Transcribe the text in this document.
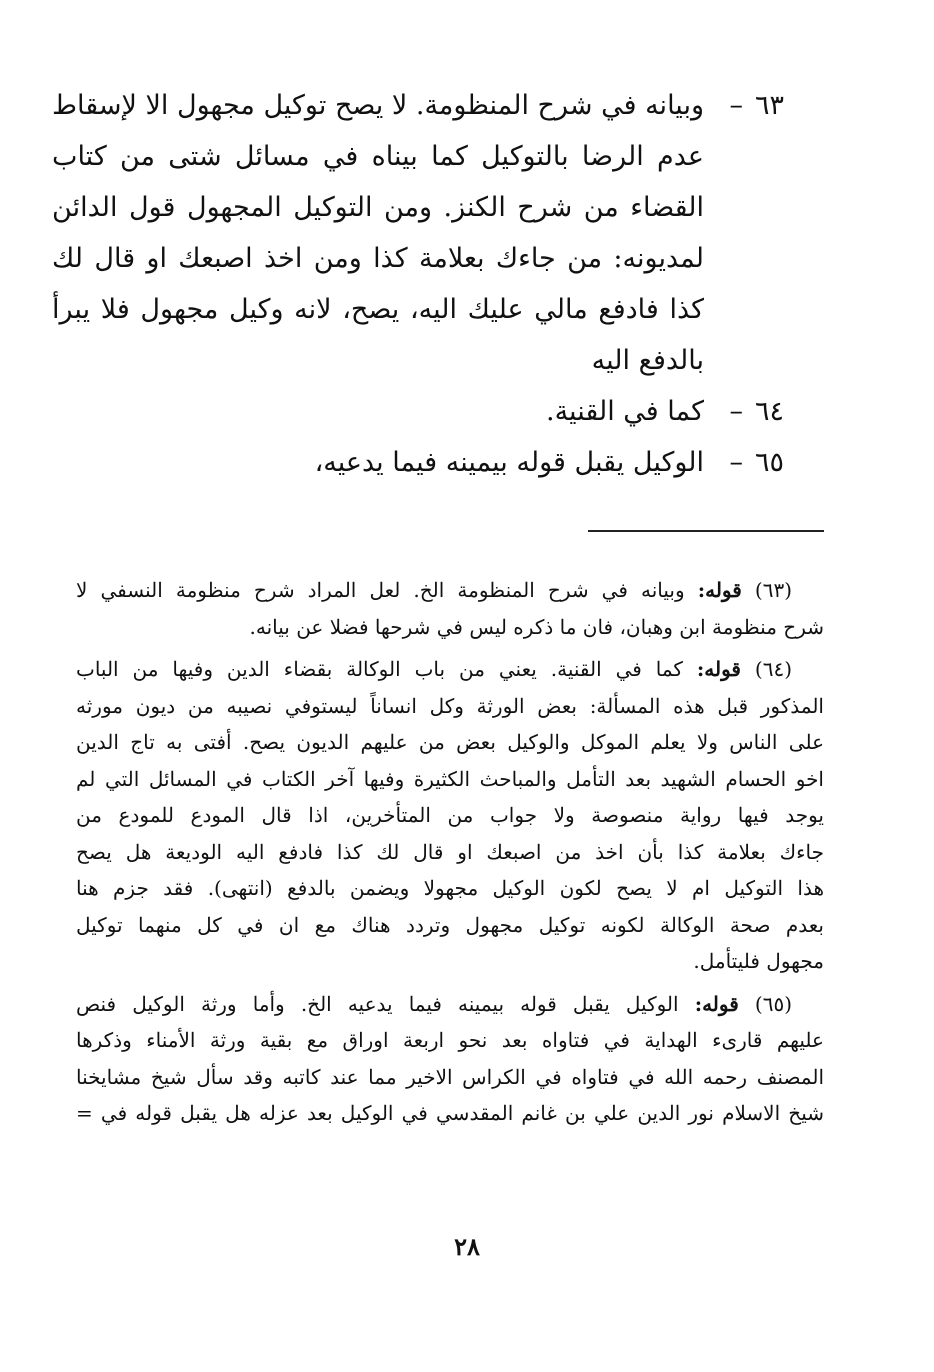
٦٣–
وبيانه في شرح المنظومة. لا يصح توكيل مجهول الا لإسقاط
عدم الرضا بالتوكيل كما بيناه في مسائل شتى من كتاب
القضاء من شرح الكنز. ومن التوكيل المجهول قول الدائن
لمديونه: من جاءك بعلامة كذا ومن اخذ اصبعك او قال لك
كذا فادفع مالي عليك اليه، يصح، لانه وكيل مجهول فلا يبرأ
بالدفع اليه
٦٤–
كما في القنية.
٦٥–
الوكيل يقبل قوله بيمينه فيما يدعيه،
(٦٣) قوله: وبيانه في شرح المنظومة الخ. لعل المراد شرح منظومة النسفي لا
شرح منظومة ابن وهبان، فان ما ذكره ليس في شرحها فضلا عن بيانه.
(٦٤) قوله: كما في القنية. يعني من باب الوكالة بقضاء الدين وفيها من الباب
المذكور قبل هذه المسألة: بعض الورثة وكل انساناً ليستوفي نصيبه من ديون مورثه
على الناس ولا يعلم الموكل والوكيل بعض من عليهم الديون يصح. أفتى به تاج الدين
اخو الحسام الشهيد بعد التأمل والمباحث الكثيرة وفيها آخر الكتاب في المسائل التي لم
يوجد فيها رواية منصوصة ولا جواب من المتأخرين، اذا قال المودع للمودع من
جاءك بعلامة كذا بأن اخذ من اصبعك او قال لك كذا فادفع اليه الوديعة هل يصح
هذا التوكيل ام لا يصح لكون الوكيل مجهولا ويضمن بالدفع (انتهى). فقد جزم هنا
بعدم صحة الوكالة لكونه توكيل مجهول وتردد هناك مع ان في كل منهما توكيل
مجهول فليتأمل.
(٦٥) قوله: الوكيل يقبل قوله بيمينه فيما يدعيه الخ. وأما ورثة الوكيل فنص
عليهم قارىء الهداية في فتاواه بعد نحو اربعة اوراق مع بقية ورثة الأمناء وذكرها
المصنف رحمه الله في فتاواه في الكراس الاخير مما عند كاتبه وقد سأل شيخ مشايخنا
شيخ الاسلام نور الدين علي بن غانم المقدسي في الوكيل بعد عزله هل يقبل قوله في =
٢٨
